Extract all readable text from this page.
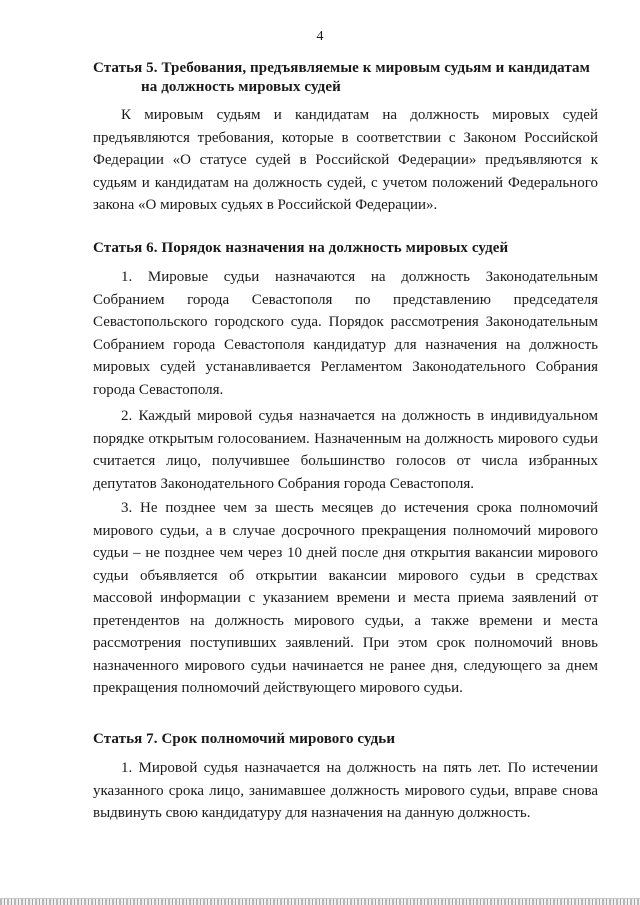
4
Статья 5. Требования, предъявляемые к мировым судьям и кандидатам
на должность мировых судей

К мировым судьям и кандидатам на должность мировых судей предъявляются требования, которые в соответствии с Законом Российской Федерации «О статусе судей в Российской Федерации» предъявляются к судьям и кандидатам на должность судей, с учетом положений Федерального закона «О мировых судьях в Российской Федерации».

Статья 6. Порядок назначения на должность мировых судей

1. Мировые судьи назначаются на должность Законодательным Собранием города Севастополя по представлению председателя Севастопольского городского суда. Порядок рассмотрения Законодательным Собранием города Севастополя кандидатур для назначения на должность мировых судей устанавливается Регламентом Законодательного Собрания города Севастополя.

2. Каждый мировой судья назначается на должность в индивидуальном порядке открытым голосованием. Назначенным на должность мирового судьи считается лицо, получившее большинство голосов от числа избранных депутатов Законодательного Собрания города Севастополя.

3. Не позднее чем за шесть месяцев до истечения срока полномочий мирового судьи, а в случае досрочного прекращения полномочий мирового судьи – не позднее чем через 10 дней после дня открытия вакансии мирового судьи объявляется об открытии вакансии мирового судьи в средствах массовой информации с указанием времени и места приема заявлений от претендентов на должность мирового судьи, а также времени и места рассмотрения поступивших заявлений. При этом срок полномочий вновь назначенного мирового судьи начинается не ранее дня, следующего за днем прекращения полномочий действующего мирового судьи.

Статья 7. Срок полномочий мирового судьи

1. Мировой судья назначается на должность на пять лет. По истечении указанного срока лицо, занимавшее должность мирового судьи, вправе снова выдвинуть свою кандидатуру для назначения на данную должность.
